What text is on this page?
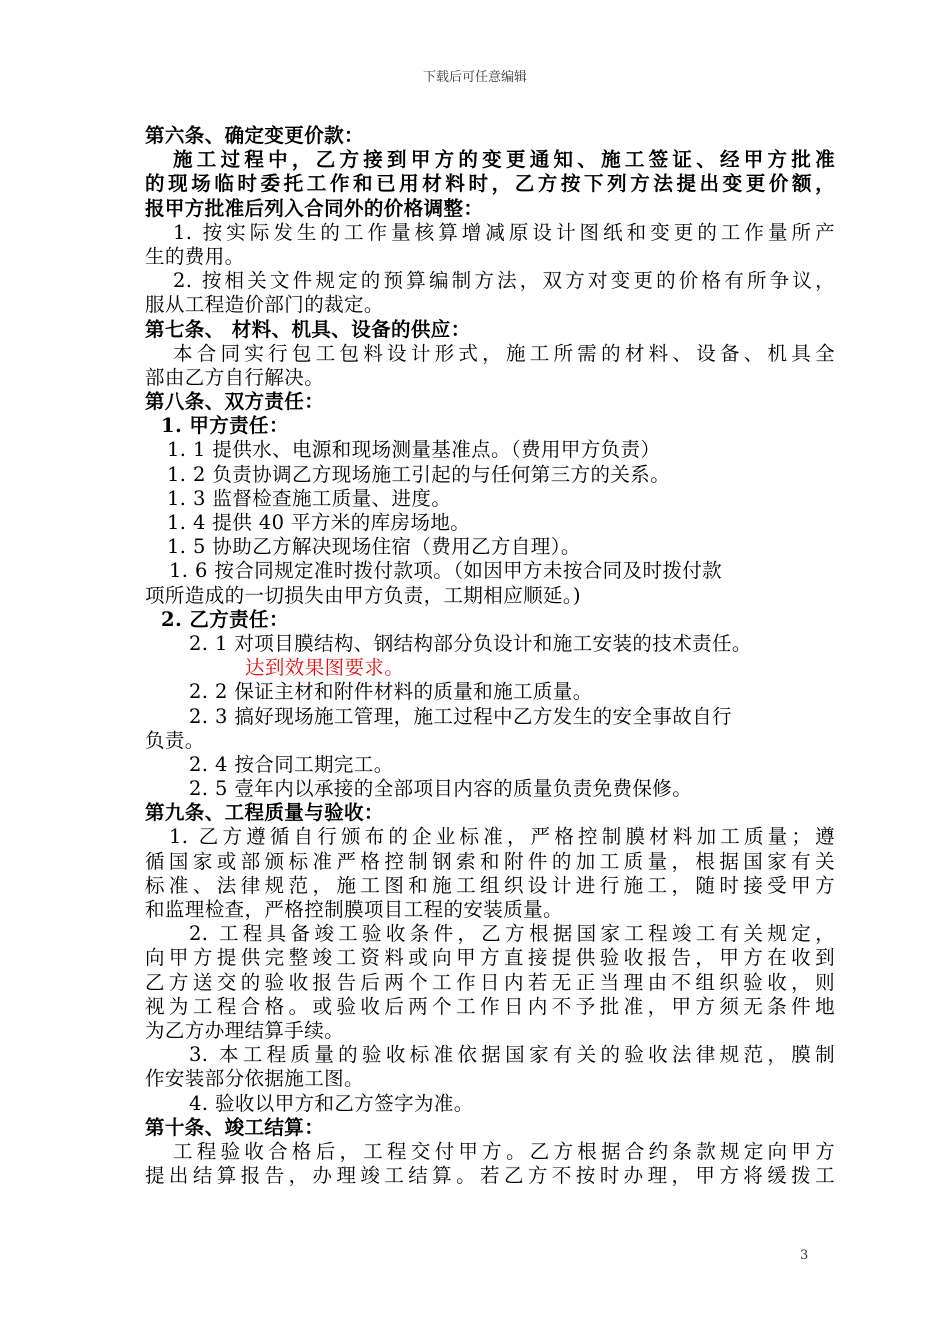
下载后可任意编辑
第六条、确定变更价款：
施工过程中，乙方接到甲方的变更通知、施工签证、经甲方批准
的现场临时委托工作和已用材料时，乙方按下列方法提出变更价额，
报甲方批准后列入合同外的价格调整：
1. 按实际发生的工作量核算增减原设计图纸和变更的工作量所产
生的费用。
2. 按相关文件规定的预算编制方法，双方对变更的价格有所争议，
服从工程造价部门的裁定。
第七条、 材料、机具、设备的供应：
本合同实行包工包料设计形式，施工所需的材料、设备、机具全
部由乙方自行解决。
第八条、双方责任：
1. 甲方责任：
1. 1 提供水、电源和现场测量基准点。（费用甲方负责）
1. 2 负责协调乙方现场施工引起的与任何第三方的关系。
1. 3 监督检查施工质量、进度。
1. 4 提供 40 平方米的库房场地。
1. 5 协助乙方解决现场住宿（费用乙方自理）。
1. 6 按合同规定准时拨付款项。（如因甲方未按合同及时拨付款
项所造成的一切损失由甲方负责，工期相应顺延。)
2. 乙方责任：
2. 1 对项目膜结构、钢结构部分负设计和施工安装的技术责任。
达到效果图要求。
2. 2 保证主材和附件材料的质量和施工质量。
2. 3 搞好现场施工管理，施工过程中乙方发生的安全事故自行
负责。
2. 4 按合同工期完工。
2. 5 壹年内以承接的全部项目内容的质量负责免费保修。
第九条、工程质量与验收：
1. 乙方遵循自行颁布的企业标准，严格控制膜材料加工质量；遵
循国家或部颁标准严格控制钢索和附件的加工质量，根据国家有关
标准、法律规范，施工图和施工组织设计进行施工，随时接受甲方
和监理检查，严格控制膜项目工程的安装质量。
2. 工程具备竣工验收条件，乙方根据国家工程竣工有关规定，
向甲方提供完整竣工资料或向甲方直接提供验收报告，甲方在收到
乙方送交的验收报告后两个工作日内若无正当理由不组织验收，则
视为工程合格。或验收后两个工作日内不予批准，甲方须无条件地
为乙方办理结算手续。
3. 本工程质量的验收标准依据国家有关的验收法律规范，膜制
作安装部分依据施工图。
4. 验收以甲方和乙方签字为准。
第十条、竣工结算：
工程验收合格后，工程交付甲方。乙方根据合约条款规定向甲方
提出结算报告，办理竣工结算。若乙方不按时办理，甲方将缓拨工
3
